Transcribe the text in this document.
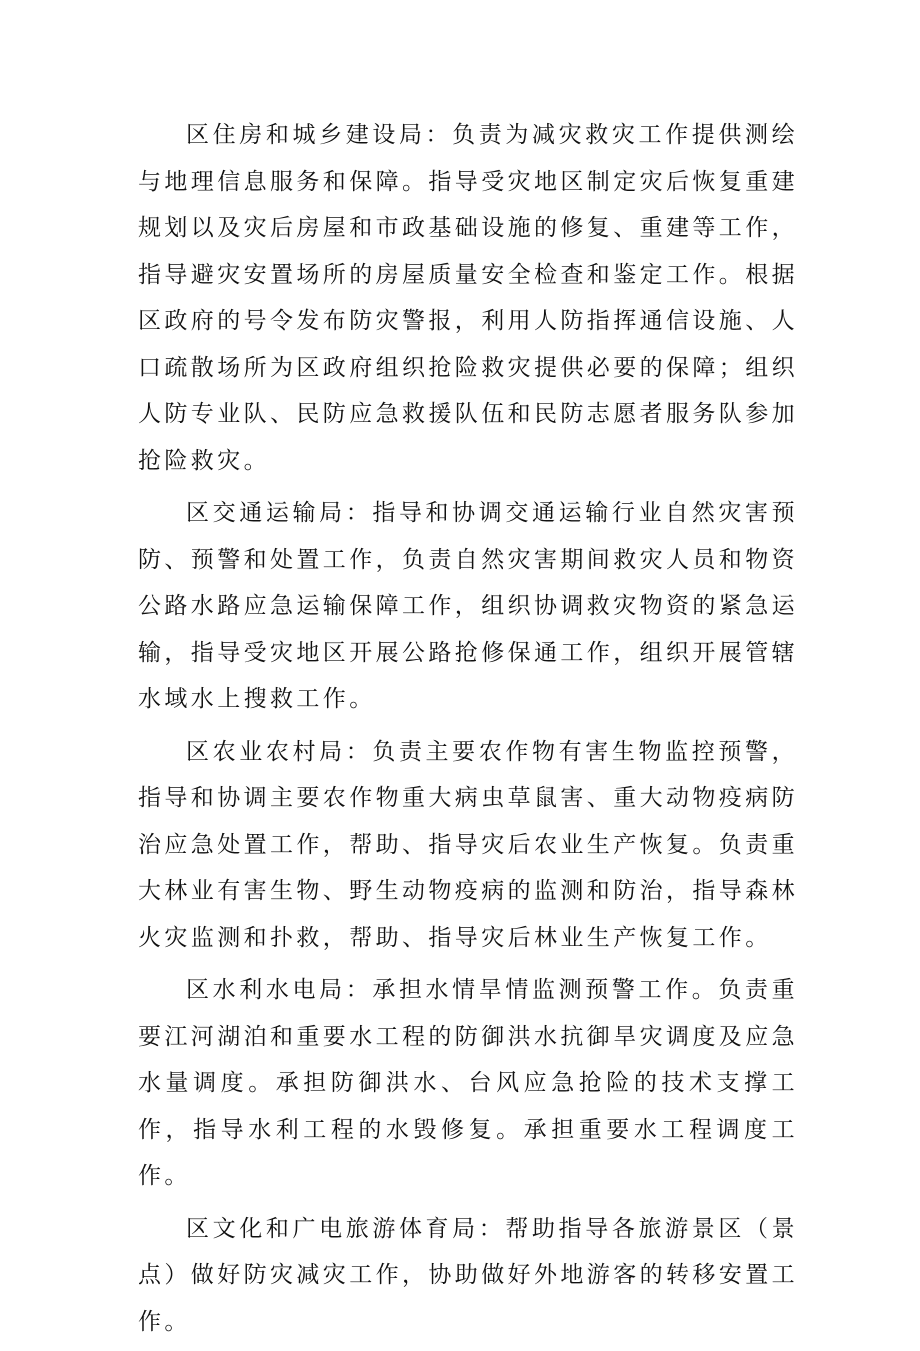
区住房和城乡建设局：负责为减灾救灾工作提供测绘与地理信息服务和保障。指导受灾地区制定灾后恢复重建规划以及灾后房屋和市政基础设施的修复、重建等工作，指导避灾安置场所的房屋质量安全检查和鉴定工作。根据区政府的号令发布防灾警报，利用人防指挥通信设施、人口疏散场所为区政府组织抢险救灾提供必要的保障；组织人防专业队、民防应急救援队伍和民防志愿者服务队参加抢险救灾。

区交通运输局：指导和协调交通运输行业自然灾害预防、预警和处置工作，负责自然灾害期间救灾人员和物资公路水路应急运输保障工作，组织协调救灾物资的紧急运输，指导受灾地区开展公路抢修保通工作，组织开展管辖水域水上搜救工作。

区农业农村局：负责主要农作物有害生物监控预警，指导和协调主要农作物重大病虫草鼠害、重大动物疫病防治应急处置工作，帮助、指导灾后农业生产恢复。负责重大林业有害生物、野生动物疫病的监测和防治，指导森林火灾监测和扑救，帮助、指导灾后林业生产恢复工作。

区水利水电局：承担水情旱情监测预警工作。负责重要江河湖泊和重要水工程的防御洪水抗御旱灾调度及应急水量调度。承担防御洪水、台风应急抢险的技术支撑工作，指导水利工程的水毁修复。承担重要水工程调度工作。

区文化和广电旅游体育局：帮助指导各旅游景区（景点）做好防灾减灾工作，协助做好外地游客的转移安置工作。
